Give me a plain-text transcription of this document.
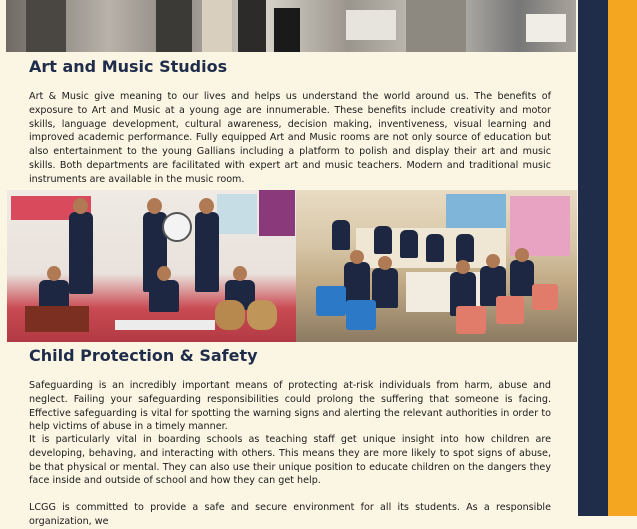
Art and Music Studios
Art & Music give meaning to our lives and helps us understand the world around us. The benefits of exposure to Art and Music at a young age are innumerable. These benefits include creativity and motor skills, language development, cultural awareness, decision making, inventiveness, visual learning and improved academic performance. Fully equipped Art and Music rooms are not only source of education but also entertainment to the young Gallians including a platform to polish and display their art and music skills. Both departments are facilitated with expert art and music teachers. Modern and traditional music instruments are available in the music room.
Child Protection & Safety
Safeguarding is an incredibly important means of protecting at-risk individuals from harm, abuse and neglect. Failing your safeguarding responsibilities could prolong the suffering that someone is facing. Effective safeguarding is vital for spotting the warning signs and alerting the relevant authorities in order to help victims of abuse in a timely manner.
It is particularly vital in boarding schools as teaching staff get unique insight into how children are developing, behaving, and interacting with others. This means they are more likely to spot signs of abuse, be that physical or mental. They can also use their unique position to educate children on the dangers they face inside and outside of school and how they can get help.
LCGG is committed to provide a safe and secure environment for all its students. As a responsible organization, we
